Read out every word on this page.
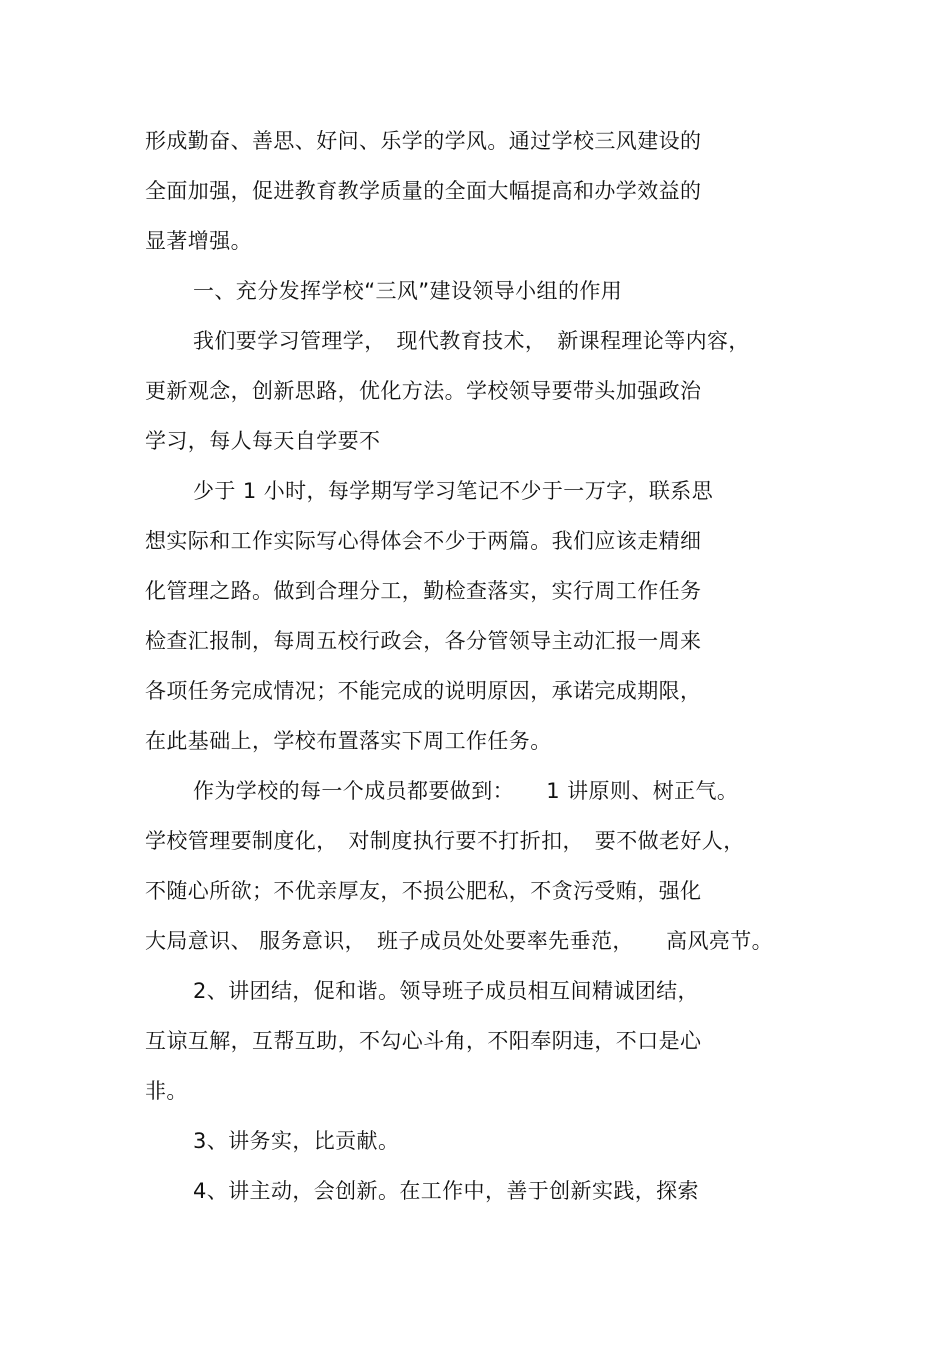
形成勤奋、善思、好问、乐学的学风。通过学校三风建设的
全面加强，促进教育教学质量的全面大幅提高和办学效益的
显著增强。
一、充分发挥学校“三风”建设领导小组的作用
我们要学习管理学，　现代教育技术，　新课程理论等内容，
更新观念，创新思路，优化方法。学校领导要带头加强政治
学习，每人每天自学要不
少于 1 小时，每学期写学习笔记不少于一万字，联系思
想实际和工作实际写心得体会不少于两篇。我们应该走精细
化管理之路。做到合理分工，勤检查落实，实行周工作任务
检查汇报制，每周五校行政会，各分管领导主动汇报一周来
各项任务完成情况；不能完成的说明原因，承诺完成期限，
在此基础上，学校布置落实下周工作任务。
作为学校的每一个成员都要做到：　　1 讲原则、树正气。
学校管理要制度化，　对制度执行要不打折扣，　要不做老好人，
不随心所欲；不优亲厚友，不损公肥私，不贪污受贿，强化
大局意识、 服务意识，　班子成员处处要率先垂范，　　高风亮节。
2、讲团结，促和谐。领导班子成员相互间精诚团结，
互谅互解，互帮互助，不勾心斗角，不阳奉阴违，不口是心
非。
3、讲务实，比贡献。
4、讲主动，会创新。在工作中，善于创新实践，探索
